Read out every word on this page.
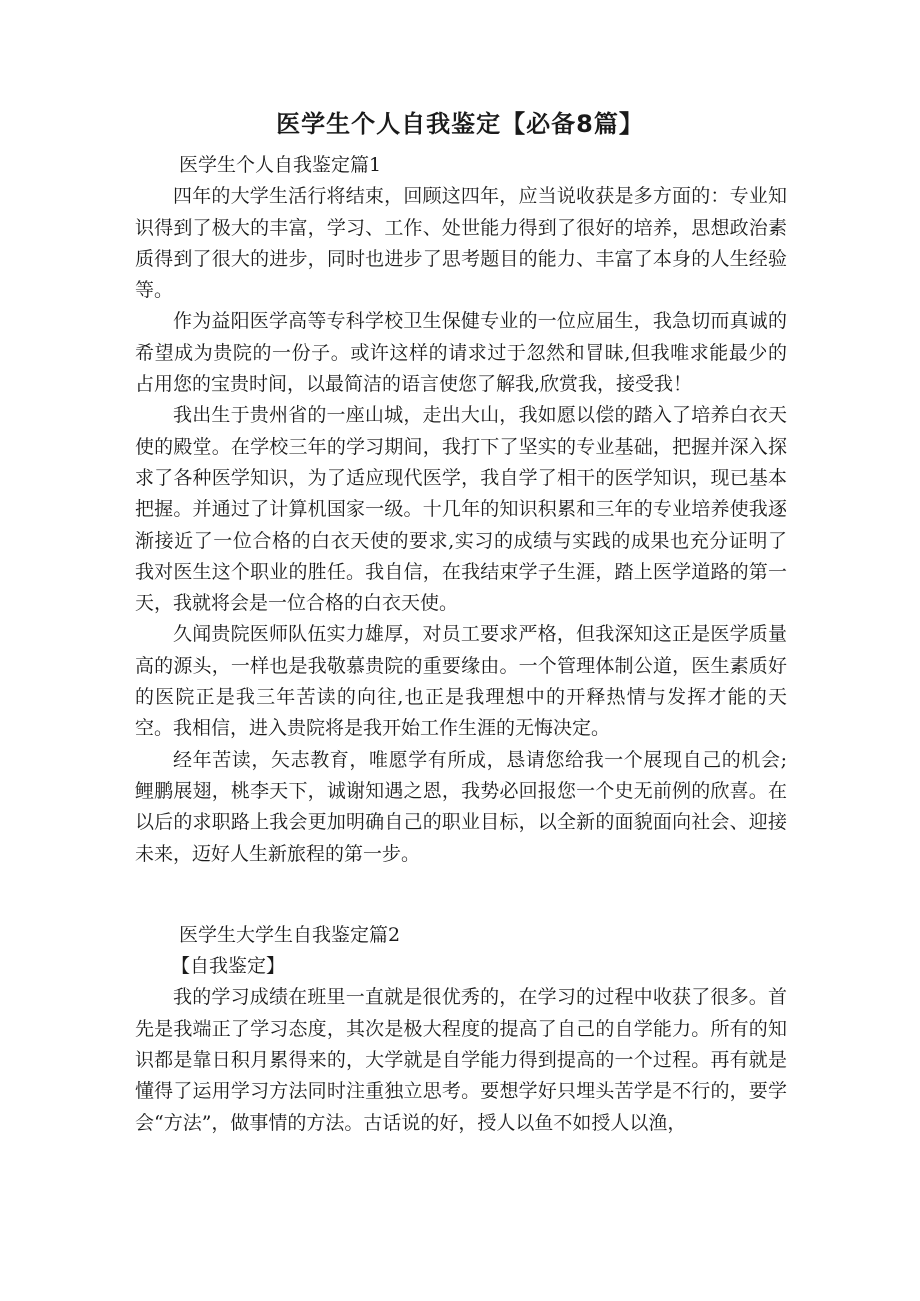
医学生个人自我鉴定【必备8篇】

医学生个人自我鉴定篇1

四年的大学生活行将结束，回顾这四年，应当说收获是多方面的：专业知识得到了极大的丰富，学习、工作、处世能力得到了很好的培养，思想政治素质得到了很大的进步，同时也进步了思考题目的能力、丰富了本身的人生经验等。

作为益阳医学高等专科学校卫生保健专业的一位应届生，我急切而真诚的希望成为贵院的一份子。或许这样的请求过于忽然和冒昧,但我唯求能最少的占用您的宝贵时间，以最简洁的语言使您了解我,欣赏我，接受我！

我出生于贵州省的一座山城，走出大山，我如愿以偿的踏入了培养白衣天使的殿堂。在学校三年的学习期间，我打下了坚实的专业基础，把握并深入探求了各种医学知识，为了适应现代医学，我自学了相干的医学知识，现已基本把握。并通过了计算机国家一级。十几年的知识积累和三年的专业培养使我逐渐接近了一位合格的白衣天使的要求,实习的成绩与实践的成果也充分证明了我对医生这个职业的胜任。我自信，在我结束学子生涯，踏上医学道路的第一天，我就将会是一位合格的白衣天使。

久闻贵院医师队伍实力雄厚，对员工要求严格，但我深知这正是医学质量高的源头，一样也是我敬慕贵院的重要缘由。一个管理体制公道，医生素质好的医院正是我三年苦读的向往,也正是我理想中的开释热情与发挥才能的天空。我相信，进入贵院将是我开始工作生涯的无悔决定。

经年苦读，矢志教育，唯愿学有所成，恳请您给我一个展现自己的机会;鲤鹏展翅，桃李天下，诚谢知遇之恩，我势必回报您一个史无前例的欣喜。在以后的求职路上我会更加明确自己的职业目标，以全新的面貌面向社会、迎接未来，迈好人生新旅程的第一步。

医学生大学生自我鉴定篇2

【自我鉴定】

我的学习成绩在班里一直就是很优秀的，在学习的过程中收获了很多。首先是我端正了学习态度，其次是极大程度的提高了自己的自学能力。所有的知识都是靠日积月累得来的，大学就是自学能力得到提高的一个过程。再有就是懂得了运用学习方法同时注重独立思考。要想学好只埋头苦学是不行的，要学会“方法”，做事情的方法。古话说的好，授人以鱼不如授人以渔，
